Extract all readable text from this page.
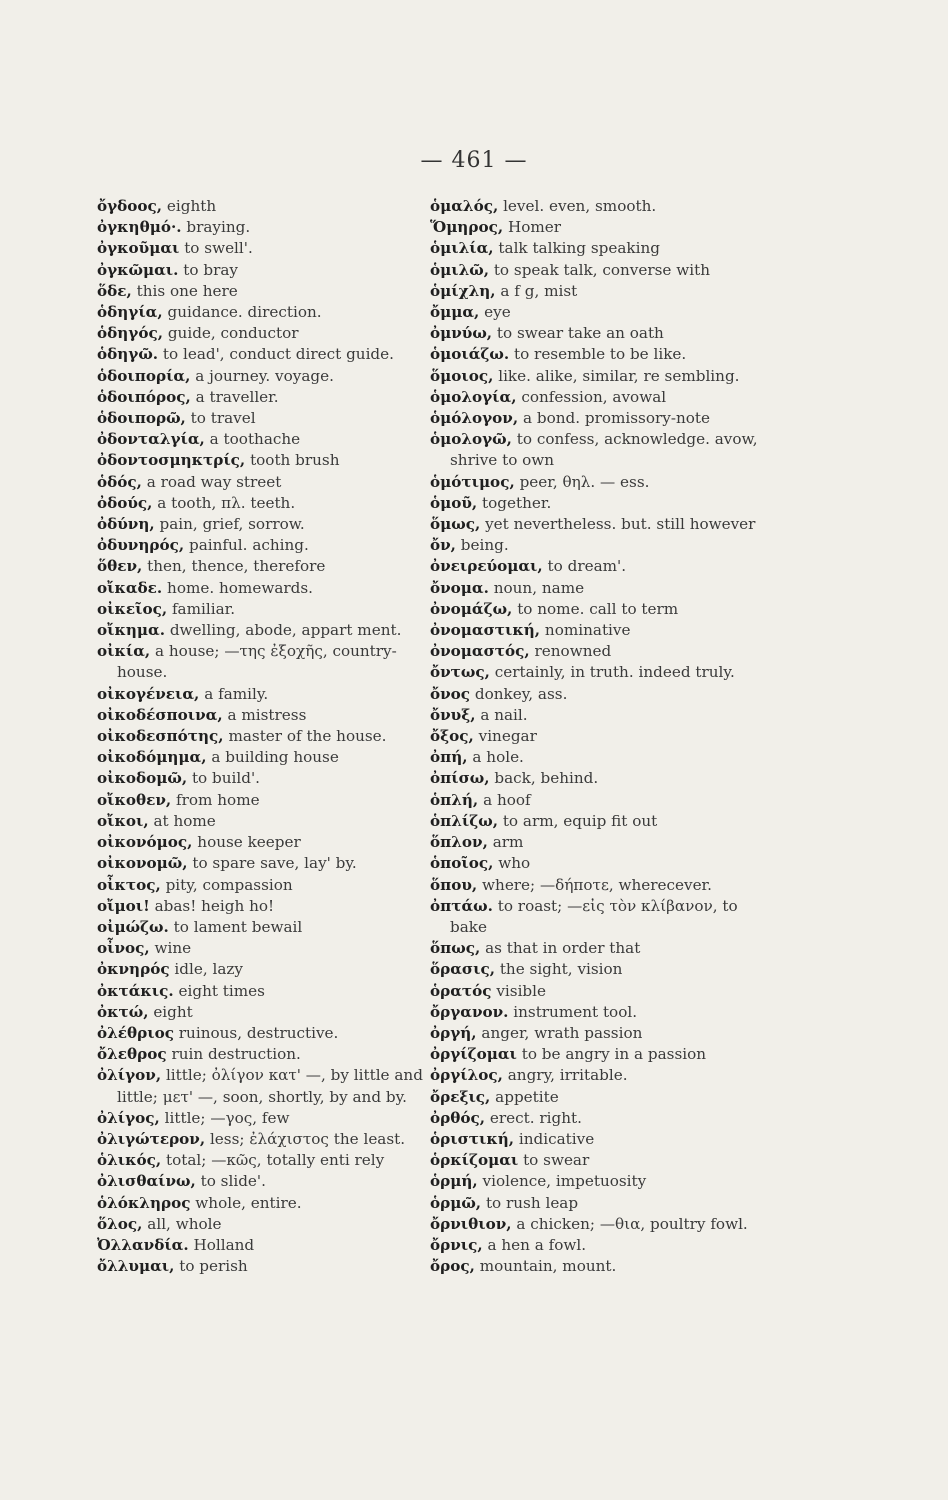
— 461 —
ὄγδοος, eighth
ὀγκηθμό·. braying.
ὀγκοῦμαι to swell'.
ὀγκῶμαι. to bray
ὅδε, this one here
ὁδηγία, guidance. direction.
ὁδηγός, guide, conductor
ὁδηγῶ. to lead', conduct direct guide.
ὁδοιπορία, a journey. voyage.
ὁδοιπόρος, a traveller.
ὁδοιπορῶ, to travel
ὀδονταλγία, a toothache
ὀδοντοσμηκτρίς, tooth brush
ὁδός, a road way street
ὀδούς, a tooth, πλ. teeth.
ὀδύνη, pain, grief, sorrow.
ὀδυνηρός, painful. aching.
ὅθεν, then, thence, therefore
οἴκαδε. home. homewards.
οἰκεῖος, familiar.
οἴκημα. dwelling, abode, appart ment.
οἰκία, a house; —της ἐξοχῆς, country-house.
οἰκογένεια, a family.
οἰκοδέσποινα, a mistress
οἰκοδεσπότης, master of the house.
οἰκοδόμημα, a building house
οἰκοδομῶ, to build'.
οἴκοθεν, from home
οἴκοι, at home
οἰκονόμος, house keeper
οἰκονομῶ, to spare save, lay' by.
οἶκτος, pity, compassion
οἴμοι! abas! heigh ho!
οἰμώζω. to lament bewail
οἶνος, wine
ὀκνηρός idle, lazy
ὀκτάκις. eight times
ὀκτώ, eight
ὀλέθριος ruinous, destructive.
ὄλεθρος ruin destruction.
ὀλίγον, little; ὀλίγον κατ' —, by little and little; μετ' —, soon, shortly, by and by.
ὀλίγος, little; —γος, few
ὀλιγώτερον, less; ἐλάχιστος the least.
ὁλικός, total; —κῶς, totally enti rely
ὀλισθαίνω, to slide'.
ὁλόκληρος whole, entire.
ὅλος, all, whole
Ὀλλανδία. Holland
ὄλλυμαι, to perish
ὁμαλός, level. even, smooth.
Ὅμηρος, Homer
ὁμιλία, talk talking speaking
ὁμιλῶ, to speak talk, converse with
ὁμίχλη, a f g, mist
ὄμμα, eye
ὀμνύω, to swear take an oath
ὁμοιάζω. to resemble to be like.
ὅμοιος, like. alike, similar, re sembling.
ὁμολογία, confession, avowal
ὁμόλογον, a bond. promissory-note
ὁμολογῶ, to confess, acknowledge. avow, shrive to own
ὁμότιμος, peer, θηλ. — ess.
ὁμοῦ, together.
ὅμως, yet nevertheless. but. still however
ὄν, being.
ὀνειρεύομαι, to dream'.
ὄνομα. noun, name
ὀνομάζω, to nome. call to term
ὀνομαστική, nominative
ὀνομαστός, renowned
ὄντως, certainly, in truth. indeed truly.
ὄνος donkey, ass.
ὄνυξ, a nail.
ὄξος, vinegar
ὀπή, a hole.
ὀπίσω, back, behind.
ὁπλή, a hoof
ὁπλίζω, to arm, equip fit out
ὅπλον, arm
ὁποῖος, who
ὅπου, where; —δήποτε, wherecever.
ὀπτάω. to roast; —εἰς τὸν κλίβανον, to bake
ὅπως, as that in order that
ὅρασις, the sight, vision
ὁρατός visible
ὄργανον. instrument tool.
ὀργή, anger, wrath passion
ὀργίζομαι to be angry in a passion
ὀργίλος, angry, irritable.
ὄρεξις, appetite
ὀρθός, erect. right.
ὁριστική, indicative
ὁρκίζομαι to swear
ὁρμή, violence, impetuosity
ὁρμῶ, to rush leap
ὄρνιθιον, a chicken; —θια, poultry fowl.
ὄρνις, a hen a fowl.
ὄρος, mountain, mount.
